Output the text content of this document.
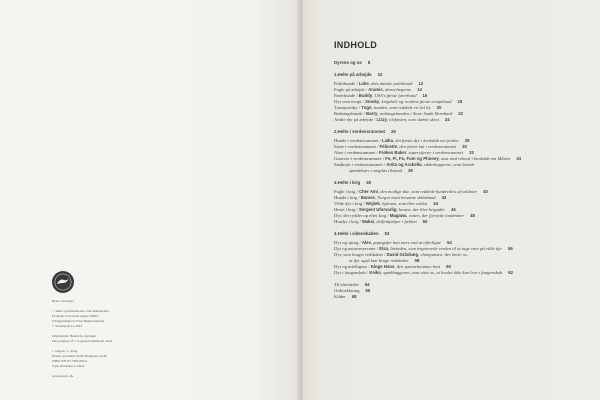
Heite i dyreriget
© Tekst og illustrationer: Line Runebiellen
På dansk ved Lisette Agerbo Heller
Forlagsredaktion: Frida Beijkn Klausen
© Straarup & Co 2022
Originaltitel: Helten fra dyreriket
Først udgivet af © Cappelen Damm AS, 2022
1. udgave, 1. oplag
Dansk opsætning: Pedar Hougaard, pb.dk
ISBN: 978-87-7302-063-9
Tryk: Dardedze, Letland
straarupogco.dk
INDHOLD
Dyrene og os 8
1.Helte på arbejde 10
Politihunde / Loke, dets danske politihund 12
Fugle på arbejde / Aramis, droneJægerne 14
Førerhunde / Buddy, USA's første førerhund 16
Dyr som terapi / Smoky, krigshelt og verdens første terapihund 18
Transportdyr / Togo, hunden, som reddede en hel by 20
Redningshunde / Barry, redningshunden i Store Sankt Bernhard 22
Andre dyr på arbejde / Lizzy, elefanten, som slæbte skrot 24
2.Helte i verdensrummet 26
Hunde i verdensrummet / Laika, det første dyr i kredsløb om jorden 28
Katte i verdensrummet / Félicette, den første kat i verdensrummet 30
Aber i verdensrummet / Frøken Baker, superstjerne i verdensrummet 32
Gnavere i verdensrummet / Fe, Fi, Fo, Fum og Phooey, mus med rekord i kredsløb om Månen 34
Småkryb i verdensrummet / Anita og Arabella, edderkopperne, som lærede
spindelvæv i vægtløs tilstand 36
3.Helte i krig 38
Fugle i krig / Cher Ami, den modige due, som reddede hundredvis af soldater 40
Hunde i krig / Bamse, Norges mest berømte skibshund 42
Vilde dyr i krig / Wojtek, bjørnen, som blev soldat 44
Heste i krig / Sergent Uforvarlig, hesten, der blev brigadér 46
Dyr, der rydder op efter krig / Magawa, rotten, der fjernede landminer 48
Husdyr i krig / Makai, delfinhjælper i fælden 50
4.Helte i videnskaben 53
Dyr og sprog / Alex, papegøjer kan mere end at efterligne 54
Dyr og naturreservater / Elsa, løvinden, som inspirerede verden til at tage vare på vilde dyr 56
Dyr, som bruger redskaber / David Gråskæg, chimpansen, der lærte os,
at dyr også kan bruge redskaber 58
Dyr og intelligens / Kloge Hans, den spørørksomme hest 60
Dyr i fangenskab / Keiko, spækhuggeren, som viste os, at hvaler ikke kan leve i fangenskab 62
Til efterløeke 64
Ordforklaring 66
Kilder 68
